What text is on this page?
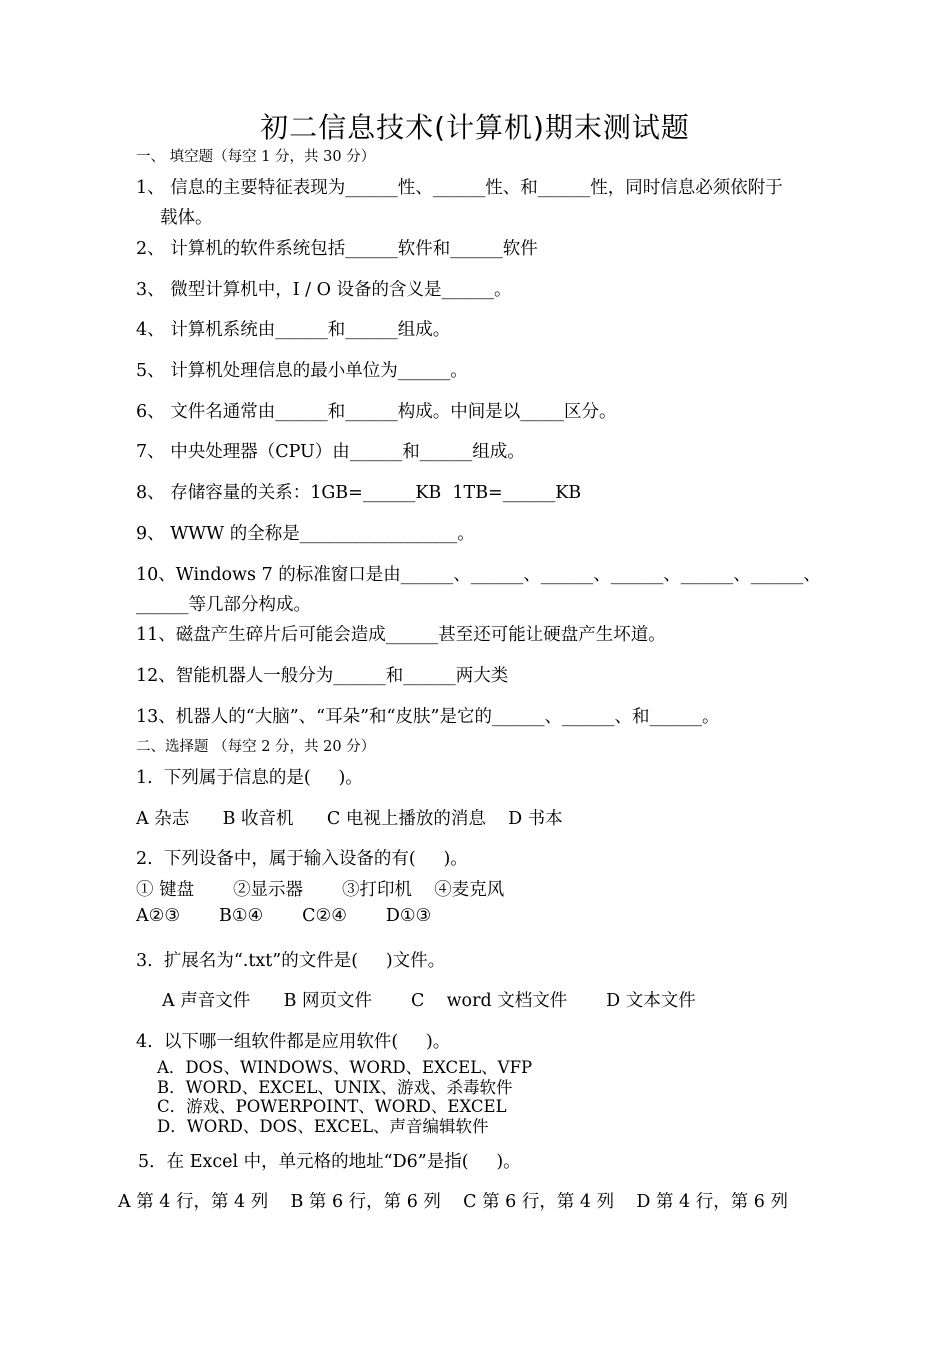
初二信息技术(计算机)期末测试题
一、 填空题（每空 1 分，共 30 分）
1、 信息的主要特征表现为______性、______性、和______性，同时信息必须依附于
载体。
2、 计算机的软件系统包括______软件和______软件
3、 微型计算机中，I / O 设备的含义是______。
4、 计算机系统由______和______组成。
5、 计算机处理信息的最小单位为______。
6、 文件名通常由______和______构成。中间是以_____区分。
7、 中央处理器（CPU）由______和______组成。
8、 存储容量的关系：1GB=______KB  1TB=______KB
9、 WWW 的全称是__________________。
10、Windows 7 的标准窗口是由______、______、______、______、______、______、
______等几部分构成。
11、磁盘产生碎片后可能会造成______甚至还可能让硬盘产生坏道。
12、智能机器人一般分为______和______两大类
13、机器人的“大脑”、“耳朵”和“皮肤”是它的______、______、和______。
二、选择题 （每空 2 分，共 20 分）
1.  下列属于信息的是(     )。
A 杂志      B 收音机      C 电视上播放的消息    D 书本
2.  下列设备中，属于输入设备的有(     )。
① 键盘       ②显示器       ③打印机    ④麦克风
A②③       B①④       C②④       D①③
3.  扩展名为“.txt”的文件是(     )文件。
A 声音文件      B 网页文件       C    word 文档文件       D 文本文件
4.  以下哪一组软件都是应用软件(     )。
A．DOS、WINDOWS、WORD、EXCEL、VFP
B．WORD、EXCEL、UNIX、游戏、杀毒软件
C．游戏、POWERPOINT、WORD、EXCEL
D．WORD、DOS、EXCEL、声音编辑软件
5．在 Excel 中，单元格的地址“D6”是指(     )。
A 第 4 行，第 4 列    B 第 6 行，第 6 列    C 第 6 行，第 4 列    D 第 4 行，第 6 列
